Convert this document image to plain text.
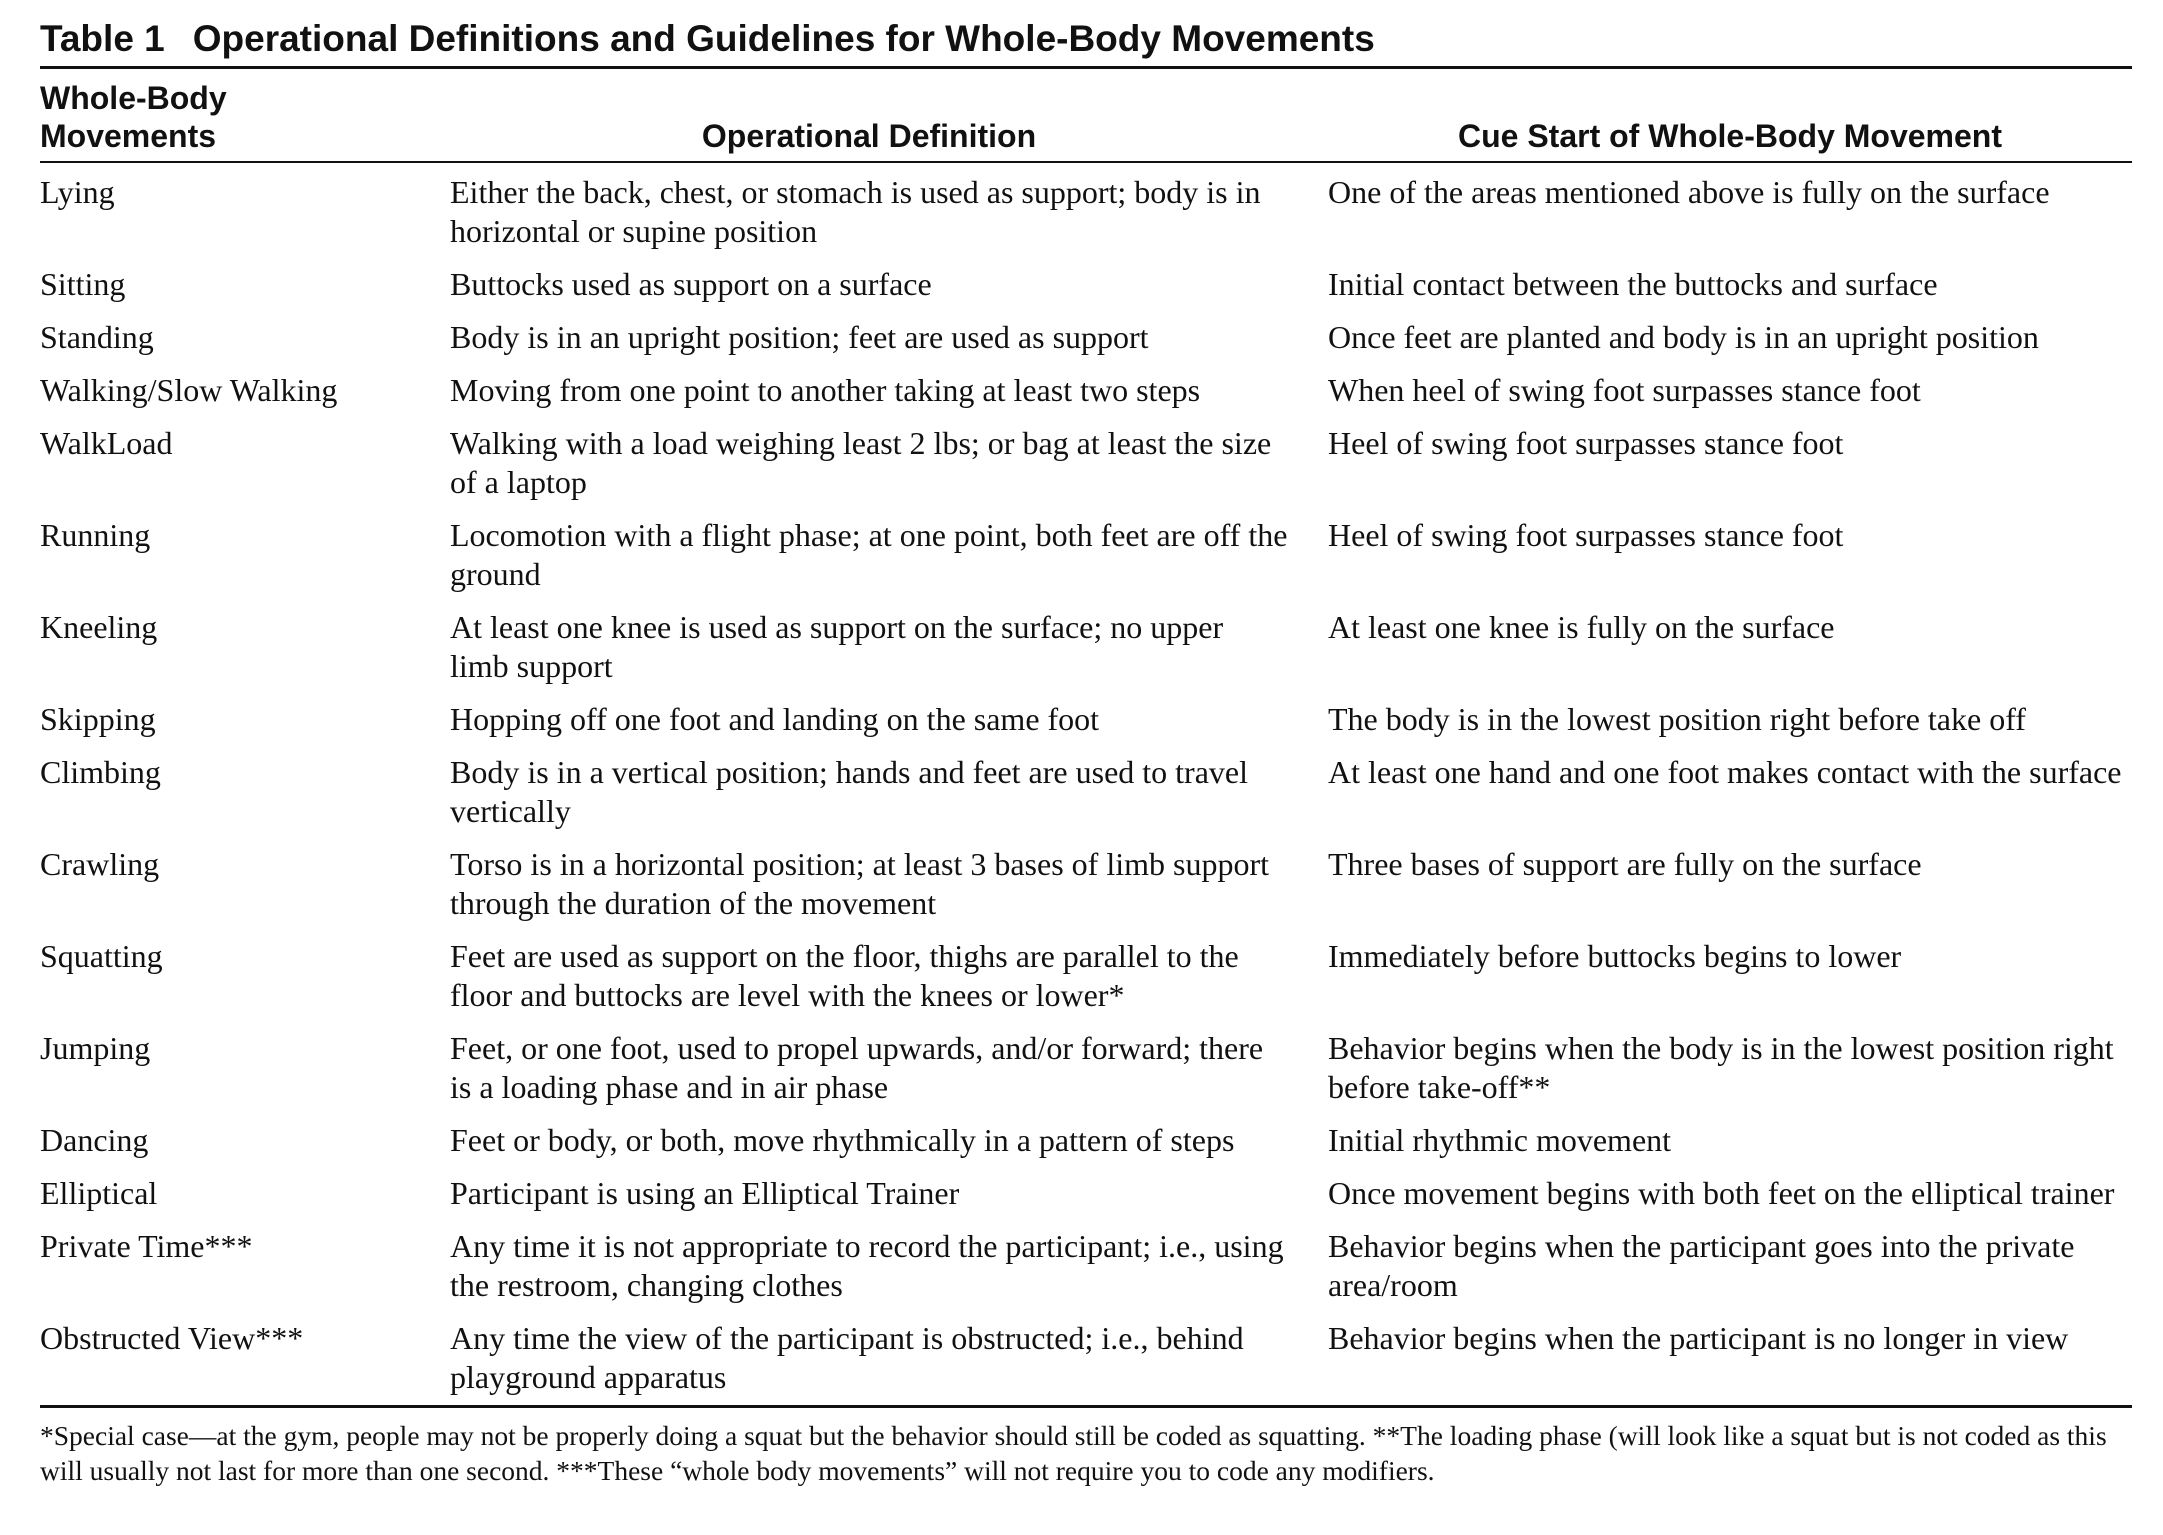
Table 1 Operational Definitions and Guidelines for Whole-Body Movements
Whole-Body
Movements	Operational Definition	Cue Start of Whole-Body Movement
Lying	Either the back, chest, or stomach is used as support; body is in horizontal or supine position	One of the areas mentioned above is fully on the surface
Sitting	Buttocks used as support on a surface	Initial contact between the buttocks and surface
Standing	Body is in an upright position; feet are used as support	Once feet are planted and body is in an upright position
Walking/Slow Walking	Moving from one point to another taking at least two steps	When heel of swing foot surpasses stance foot
WalkLoad	Walking with a load weighing least 2 lbs; or bag at least the size of a laptop	Heel of swing foot surpasses stance foot
Running	Locomotion with a flight phase; at one point, both feet are off the ground	Heel of swing foot surpasses stance foot
Kneeling	At least one knee is used as support on the surface; no upper limb support	At least one knee is fully on the surface
Skipping	Hopping off one foot and landing on the same foot	The body is in the lowest position right before take off
Climbing	Body is in a vertical position; hands and feet are used to travel vertically	At least one hand and one foot makes contact with the surface
Crawling	Torso is in a horizontal position; at least 3 bases of limb support through the duration of the movement	Three bases of support are fully on the surface
Squatting	Feet are used as support on the floor, thighs are parallel to the floor and buttocks are level with the knees or lower*	Immediately before buttocks begins to lower
Jumping	Feet, or one foot, used to propel upwards, and/or forward; there is a loading phase and in air phase	Behavior begins when the body is in the lowest position right before take-off**
Dancing	Feet or body, or both, move rhythmically in a pattern of steps	Initial rhythmic movement
Elliptical	Participant is using an Elliptical Trainer	Once movement begins with both feet on the elliptical trainer
Private Time***	Any time it is not appropriate to record the participant; i.e., using the restroom, changing clothes	Behavior begins when the participant goes into the private area/room
Obstructed View***	Any time the view of the participant is obstructed; i.e., behind playground apparatus	Behavior begins when the participant is no longer in view
*Special case—at the gym, people may not be properly doing a squat but the behavior should still be coded as squatting. **The loading phase (will look like a squat but is not coded as this will usually not last for more than one second. ***These “whole body movements” will not require you to code any modifiers.
